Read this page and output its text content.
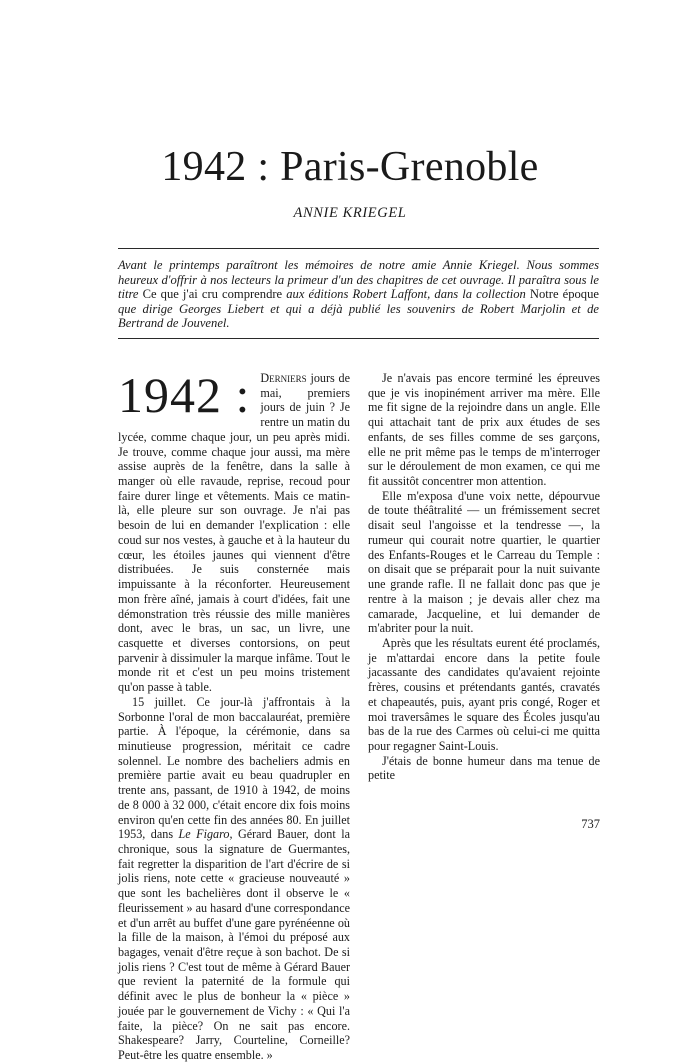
1942 : Paris-Grenoble
ANNIE KRIEGEL

Avant le printemps paraîtront les mémoires de notre amie Annie Kriegel. Nous sommes heureux d'offrir à nos lecteurs la primeur d'un des chapitres de cet ouvrage. Il paraîtra sous le titre Ce que j'ai cru comprendre aux éditions Robert Laffont, dans la collection Notre époque que dirige Georges Liebert et qui a déjà publié les souvenirs de Robert Marjolin et de Bertrand de Jouvenel.

1942 : Derniers jours de mai, premiers jours de juin ? Je rentre un matin du lycée, comme chaque jour, un peu après midi. Je trouve, comme chaque jour aussi, ma mère assise auprès de la fenêtre, dans la salle à manger où elle ravaude, reprise, recoud pour faire durer linge et vêtements. Mais ce matin-là, elle pleure sur son ouvrage. Je n'ai pas besoin de lui en demander l'explication : elle coud sur nos vestes, à gauche et à la hauteur du cœur, les étoiles jaunes qui viennent d'être distribuées. Je suis consternée mais impuissante à la réconforter. Heureusement mon frère aîné, jamais à court d'idées, fait une démonstration très réussie des mille manières dont, avec le bras, un sac, un livre, une casquette et diverses contorsions, on peut parvenir à dissimuler la marque infâme. Tout le monde rit et c'est un peu moins tristement qu'on passe à table.

15 juillet. Ce jour-là j'affrontais à la Sorbonne l'oral de mon baccalauréat, première partie. À l'époque, la cérémonie, dans sa minutieuse progression, méritait ce cadre solennel. Le nombre des bacheliers admis en première partie avait eu beau quadrupler en trente ans, passant, de 1910 à 1942, de moins de 8 000 à 32 000, c'était encore dix fois moins environ qu'en cette fin des années 80. En juillet 1953, dans Le Figaro, Gérard Bauer, dont la chronique, sous la signature de Guermantes, fait regretter la disparition de l'art d'écrire de si jolis riens, note cette « gracieuse nouveauté » que sont les bachelières dont il observe le « fleurissement » au hasard d'une correspondance et d'un arrêt au buffet d'une gare pyrénéenne où la fille de la maison, à l'émoi du préposé aux bagages, venait d'être reçue à son bachot. De si jolis riens ? C'est tout de même à Gérard Bauer que revient la paternité de la formule qui définit avec le plus de bonheur la « pièce » jouée par le gouvernement de Vichy : « Qui l'a faite, la pièce? On ne sait pas encore. Shakespeare? Jarry, Courteline, Corneille? Peut-être les quatre ensemble. »

Je n'avais pas encore terminé les épreuves que je vis inopinément arriver ma mère. Elle me fit signe de la rejoindre dans un angle. Elle qui attachait tant de prix aux études de ses enfants, de ses filles comme de ses garçons, elle ne prit même pas le temps de m'interroger sur le déroulement de mon examen, ce qui me fit aussitôt concentrer mon attention.

Elle m'exposa d'une voix nette, dépourvue de toute théâtralité — un frémissement secret disait seul l'angoisse et la tendresse —, la rumeur qui courait notre quartier, le quartier des Enfants-Rouges et le Carreau du Temple : on disait que se préparait pour la nuit suivante une grande rafle. Il ne fallait donc pas que je rentre à la maison ; je devais aller chez ma camarade, Jacqueline, et lui demander de m'abriter pour la nuit.

Après que les résultats eurent été proclamés, je m'attardai encore dans la petite foule jacassante des candidates qu'avaient rejointe frères, cousins et prétendants gantés, cravatés et chapeautés, puis, ayant pris congé, Roger et moi traversâmes le square des Écoles jusqu'au bas de la rue des Carmes où celui-ci me quitta pour regagner Saint-Louis.

J'étais de bonne humeur dans ma tenue de petite

737
